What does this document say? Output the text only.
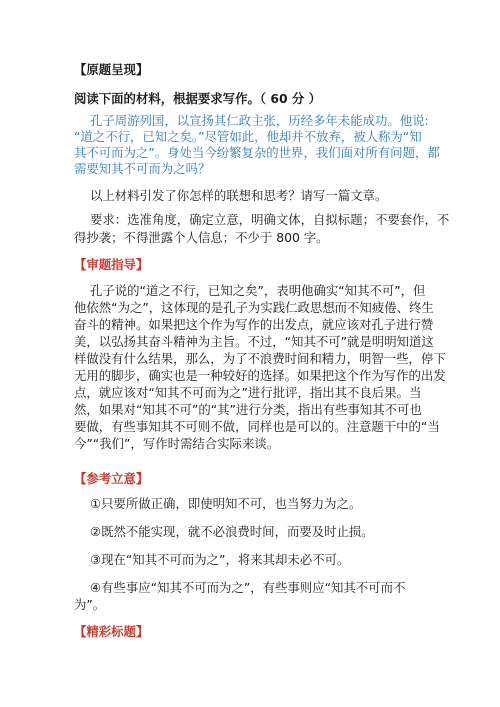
【原题呈现】
阅读下面的材料，根据要求写作。（ 60 分 ）
孔子周游列国，以宣扬其仁政主张，历经多年未能成功。他说:
“道之不行，已知之矣。”尽管如此，他却并不放弃，被人称为“知
其不可而为之”。身处当今纷繁复杂的世界，我们面对所有问题，都
需要知其不可而为之吗？
以上材料引发了你怎样的联想和思考？请写一篇文章。
要求：选准角度，确定立意，明确文体，自拟标题；不要套作，不
得抄袭；不得泄露个人信息；不少于 800 字。
【审题指导】
孔子说的“道之不行，已知之矣”，表明他确实“知其不可”，但
他依然“为之”，这体现的是孔子为实践仁政思想而不知疲倦、终生
奋斗的精神。如果把这个作为写作的出发点，就应该对孔子进行赞
美，以弘扬其奋斗精神为主旨。不过，“知其不可”就是明明知道这
样做没有什么结果，那么，为了不浪费时间和精力，明智一些，停下
无用的脚步，确实也是一种较好的选择。如果把这个作为写作的出发
点，就应该对“知其不可而为之”进行批评，指出其不良后果。当
然，如果对“知其不可”的“其”进行分类，指出有些事知其不可也
要做，有些事知其不可则不做，同样也是可以的。注意题干中的“当
今”“我们”，写作时需结合实际来谈。
【参考立意】
①只要所做正确，即使明知不可，也当努力为之。
②既然不能实现，就不必浪费时间，而要及时止损。
③现在“知其不可而为之”，将来其却未必不可。
④有些事应“知其不可而为之”，有些事则应“知其不可而不
为”。
【精彩标题】
